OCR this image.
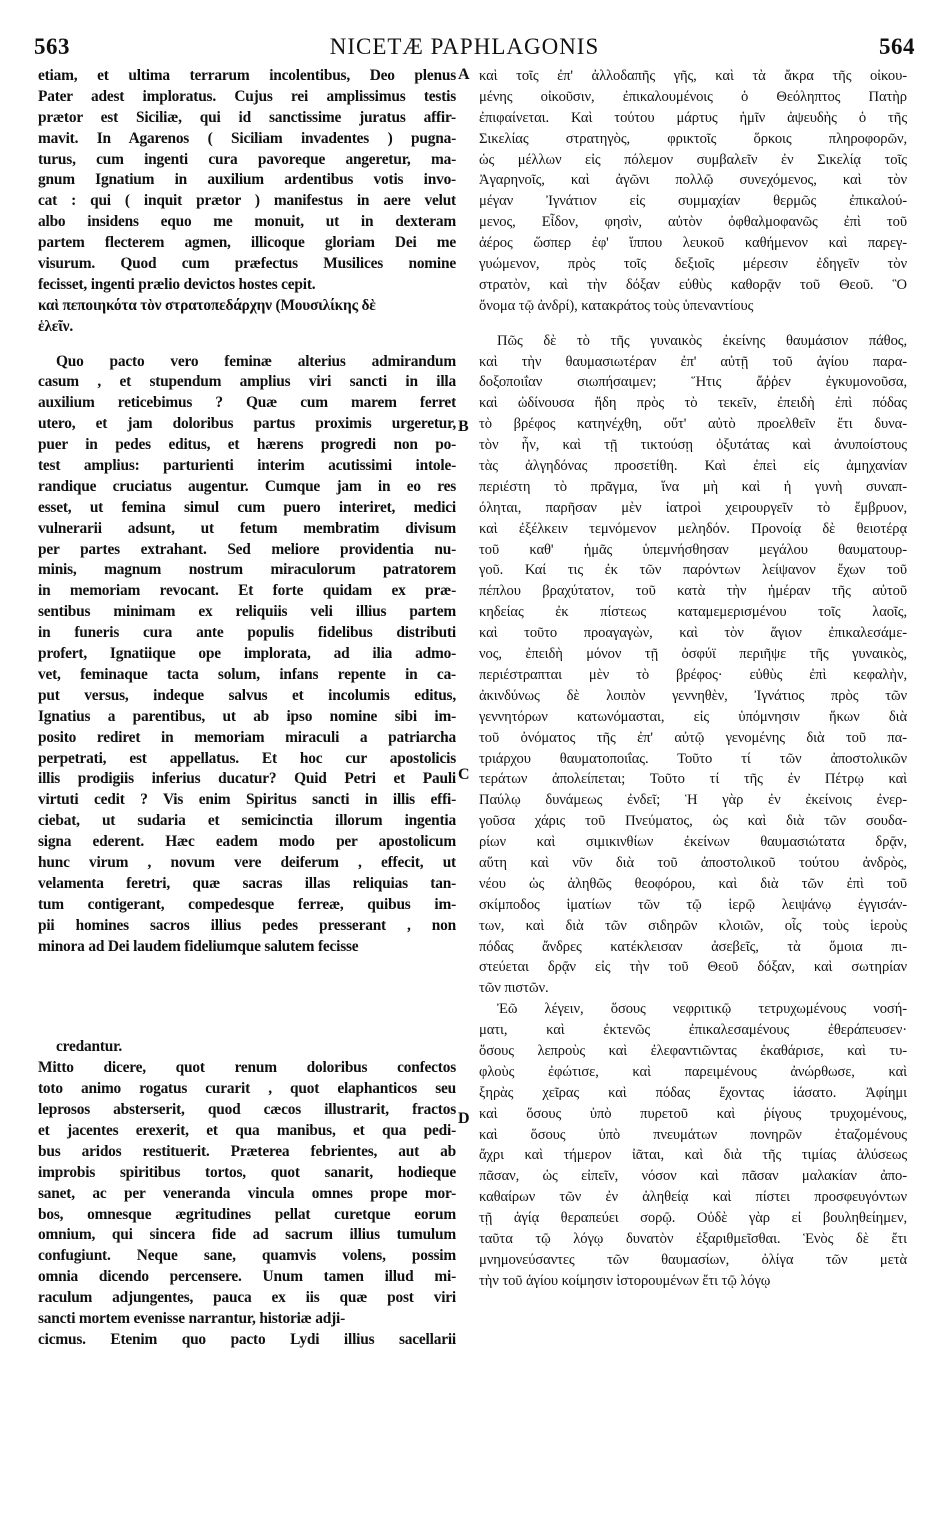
563	NICETÆ PAPHLAGONIS	564
A
B
C
D
etiam, et ultima terrarum incolentibus, Deo plenus
Pater adest imploratus. Cujus rei amplissimus testis
prætor est Siciliæ, qui id sanctissime juratus affir-
mavit. In Agarenos ( Siciliam invadentes ) pugna-
turus, cum ingenti cura pavoreque angeretur, ma-
gnum Ignatium in auxilium ardentibus votis invo-
cat : qui ( inquit prætor ) manifestus in aere velut
albo insidens equo me monuit, ut in dexteram
partem flecterem agmen, illicoque gloriam Dei me
visurum. Quod cum præfectus Musilices nomine
fecisset, ingenti prælio devictos hostes cepit.
καὶ πεποιηκότα τὸν στρατοπεδάρχην (Μουσιλίκης δὲ
ἑλεῖν.
Quo pacto vero feminæ alterius admirandum
casum , et stupendum amplius viri sancti in illa
auxilium reticebimus ? Quæ cum marem ferret
utero, et jam doloribus partus proximis urgeretur,
puer in pedes editus, et hærens progredi non po-
test amplius: parturienti interim acutissimi intole-
randique cruciatus augentur. Cumque jam in eo res
esset, ut femina simul cum puero interiret, medici
vulnerarii adsunt, ut fetum membratim divisum
per partes extrahant. Sed meliore providentia nu-
minis, magnum nostrum miraculorum patratorem
in memoriam revocant. Et forte quidam ex præ-
sentibus minimam ex reliquiis veli illius partem
in funeris cura ante populis fidelibus distributi
profert, Ignatiique ope implorata, ad ilia admo-
vet, feminaque tacta solum, infans repente in ca-
put versus, indeque salvus et incolumis editus,
Ignatius a parentibus, ut ab ipso nomine sibi im-
posito rediret in memoriam miraculi a patriarcha
perpetrati, est appellatus. Et hoc cur apostolicis
illis prodigiis inferius ducatur? Quid Petri et Pauli
virtuti cedit ? Vis enim Spiritus sancti in illis effi-
ciebat, ut sudaria et semicinctia illorum ingentia
signa ederent. Hæc eadem modo per apostolicum
hunc virum , novum vere deiferum , effecit, ut
velamenta feretri, quæ sacras illas reliquias tan-
tum contigerant, compedesque ferreæ, quibus im-
pii homines sacros illius pedes presserant , non
minora ad Dei laudem fideliumque salutem fecisse
credantur.
Mitto dicere, quot renum doloribus confectos
toto animo rogatus curarit , quot elaphanticos seu
leprosos absterserit, quod cæcos illustrarit, fractos
et jacentes erexerit, et qua manibus, et qua pedi-
bus aridos restituerit. Præterea febrientes, aut ab
improbis spiritibus tortos, quot sanarit, hodieque
sanet, ac per veneranda vincula omnes prope mor-
bos, omnesque ægritudines pellat curetque eorum
omnium, qui sincera fide ad sacrum illius tumulum
confugiunt. Neque sane, quamvis volens, possim
omnia dicendo percensere. Unum tamen illud mi-
raculum adjungentes, pauca ex iis quæ post viri
sancti mortem evenisse narrantur, historiæ adji-
cicmus. Etenim quo pacto Lydi illius sacellarii
καὶ τοῖς ἐπ' ἀλλοδαπῆς γῆς, καὶ τὰ ἄκρα τῆς οἰκου-
μένης οἰκοῦσιν, ἐπικαλουμένοις ὁ Θεόληπτος Πατὴρ
ἐπιφαίνεται. Καὶ τούτου μάρτυς ἡμῖν ἀψευδὴς ὁ τῆς
Σικελίας στρατηγὸς, φρικτοῖς ὅρκοις πληροφορῶν,
ὡς μέλλων εἰς πόλεμον συμβαλεῖν ἐν Σικελίᾳ τοῖς
Ἀγαρηνοῖς, καὶ ἀγῶνι πολλῷ συνεχόμενος, καὶ τὸν
μέγαν Ἰγνάτιον εἰς συμμαχίαν θερμῶς ἐπικαλού-
μενος, Εἶδον, φησὶν, αὐτὸν ὀφθαλμοφανῶς ἐπὶ τοῦ
ἀέρος ὥσπερ ἐφ' ἵππου λευκοῦ καθήμενον καὶ παρεγ-
γυώμενον, πρὸς τοῖς δεξιοῖς μέρεσιν ἐδηγεῖν τὸν
στρατὸν, καὶ τὴν δόξαν εὐθὺς καθορᾷν τοῦ Θεοῦ. Ὃ
ὄνομα τῷ ἀνδρί), κατακράτος τοὺς ὑπεναντίους
Πῶς δὲ τὸ τῆς γυναικὸς ἐκείνης θαυμάσιον πάθος,
καὶ τὴν θαυμασιωτέραν ἐπ' αὐτῇ τοῦ ἁγίου παρα-
δοξοποιΐαν σιωπήσαιμεν; Ἥτις ἄῤῥεν ἐγκυμονοῦσα,
καὶ ὠδίνουσα ἤδη πρὸς τὸ τεκεῖν, ἐπειδὴ ἐπὶ πόδας
τὸ βρέφος κατηνέχθη, οὔτ' αὐτὸ προελθεῖν ἔτι δυνα-
τὸν ἦν, καὶ τῇ τικτούσῃ ὀξυτάτας καὶ ἀνυποίστους
τὰς ἀλγηδόνας προσετίθη. Καὶ ἐπεὶ εἰς ἀμηχανίαν
περιέστη τὸ πρᾶγμα, ἵνα μὴ καὶ ἡ γυνὴ συναπ-
όληται, παρῆσαν μὲν ἰατροὶ χειρουργεῖν τὸ ἔμβρυον,
καὶ ἐξέλκειν τεμνόμενον μεληδόν. Προνοίᾳ δὲ θειοτέρᾳ
τοῦ καθ' ἡμᾶς ὑπεμνήσθησαν μεγάλου θαυματουρ-
γοῦ. Καί τις ἐκ τῶν παρόντων λείψανον ἔχων τοῦ
πέπλου βραχύτατον, τοῦ κατὰ τὴν ἡμέραν τῆς αὐτοῦ
κηδείας ἐκ πίστεως καταμεμερισμένου τοῖς λαοῖς,
καὶ τοῦτο προαγαγὼν, καὶ τὸν ἅγιον ἐπικαλεσάμε-
νος, ἐπειδὴ μόνον τῇ ὀσφύϊ περιῆψε τῆς γυναικὸς,
περιέστραπται μὲν τὸ βρέφος· εὐθὺς ἐπὶ κεφαλὴν,
ἀκινδύνως δὲ λοιπὸν γεννηθὲν, Ἰγνάτιος πρὸς τῶν
γεννητόρων κατωνόμασται, εἰς ὑπόμνησιν ἥκων διὰ
τοῦ ὀνόματος τῆς ἐπ' αὐτῷ γενομένης διὰ τοῦ πα-
τριάρχου θαυματοποιΐας. Τοῦτο τί τῶν ἀποστολικῶν
τεράτων ἀπολείπεται; Τοῦτο τί τῆς ἐν Πέτρῳ καὶ
Παύλῳ δυνάμεως ἐνδεῖ; Ἡ γὰρ ἐν ἐκείνοις ἐνερ-
γοῦσα χάρις τοῦ Πνεύματος, ὡς καὶ διὰ τῶν σουδα-
ρίων καὶ σιμικινθίων ἐκείνων θαυμασιώτατα δρᾷν,
αὕτη καὶ νῦν διὰ τοῦ ἀποστολικοῦ τούτου ἀνδρὸς,
νέου ὡς ἀληθῶς θεοφόρου, καὶ διὰ τῶν ἐπὶ τοῦ
σκίμποδος ἱματίων τῶν τῷ ἱερῷ λειψάνῳ ἐγγισάν-
των, καὶ διὰ τῶν σιδηρῶν κλοιῶν, οἷς τοὺς ἱεροὺς
πόδας ἄνδρες κατέκλεισαν ἀσεβεῖς, τὰ ὅμοια πι-
στεύεται δρᾷν εἰς τὴν τοῦ Θεοῦ δόξαν, καὶ σωτηρίαν
τῶν πιστῶν.
Ἐῶ λέγειν, ὅσους νεφριτικῷ τετρυχωμένους νοσή-
ματι, καὶ ἐκτενῶς ἐπικαλεσαμένους ἐθεράπευσεν·
ὅσους λεπροὺς καὶ ἐλεφαντιῶντας ἐκαθάρισε, καὶ τυ-
φλοὺς ἐφώτισε, καὶ παρειμένους ἀνώρθωσε, καὶ
ξηρὰς χεῖρας καὶ πόδας ἔχοντας ἰάσατο. Ἀφίημι
καὶ ὅσους ὑπὸ πυρετοῦ καὶ ῥίγους τρυχομένους,
καὶ ὅσους ὑπὸ πνευμάτων πονηρῶν ἐταζομένους
ἄχρι καὶ τήμερον ἰᾶται, καὶ διὰ τῆς τιμίας ἁλύσεως
πᾶσαν, ὡς εἰπεῖν, νόσον καὶ πᾶσαν μαλακίαν ἀπο-
καθαίρων τῶν ἐν ἀληθείᾳ καὶ πίστει προσφευγόντων
τῇ ἁγίᾳ θεραπεύει σορῷ. Οὐδὲ γὰρ εἰ βουληθείημεν,
ταῦτα τῷ λόγῳ δυνατὸν ἐξαριθμεῖσθαι. Ἑνὸς δὲ ἔτι
μνημονεύσαντες τῶν θαυμασίων, ὀλίγα τῶν μετὰ
τὴν τοῦ ἁγίου κοίμησιν ἱστορουμένων ἔτι τῷ λόγῳ
